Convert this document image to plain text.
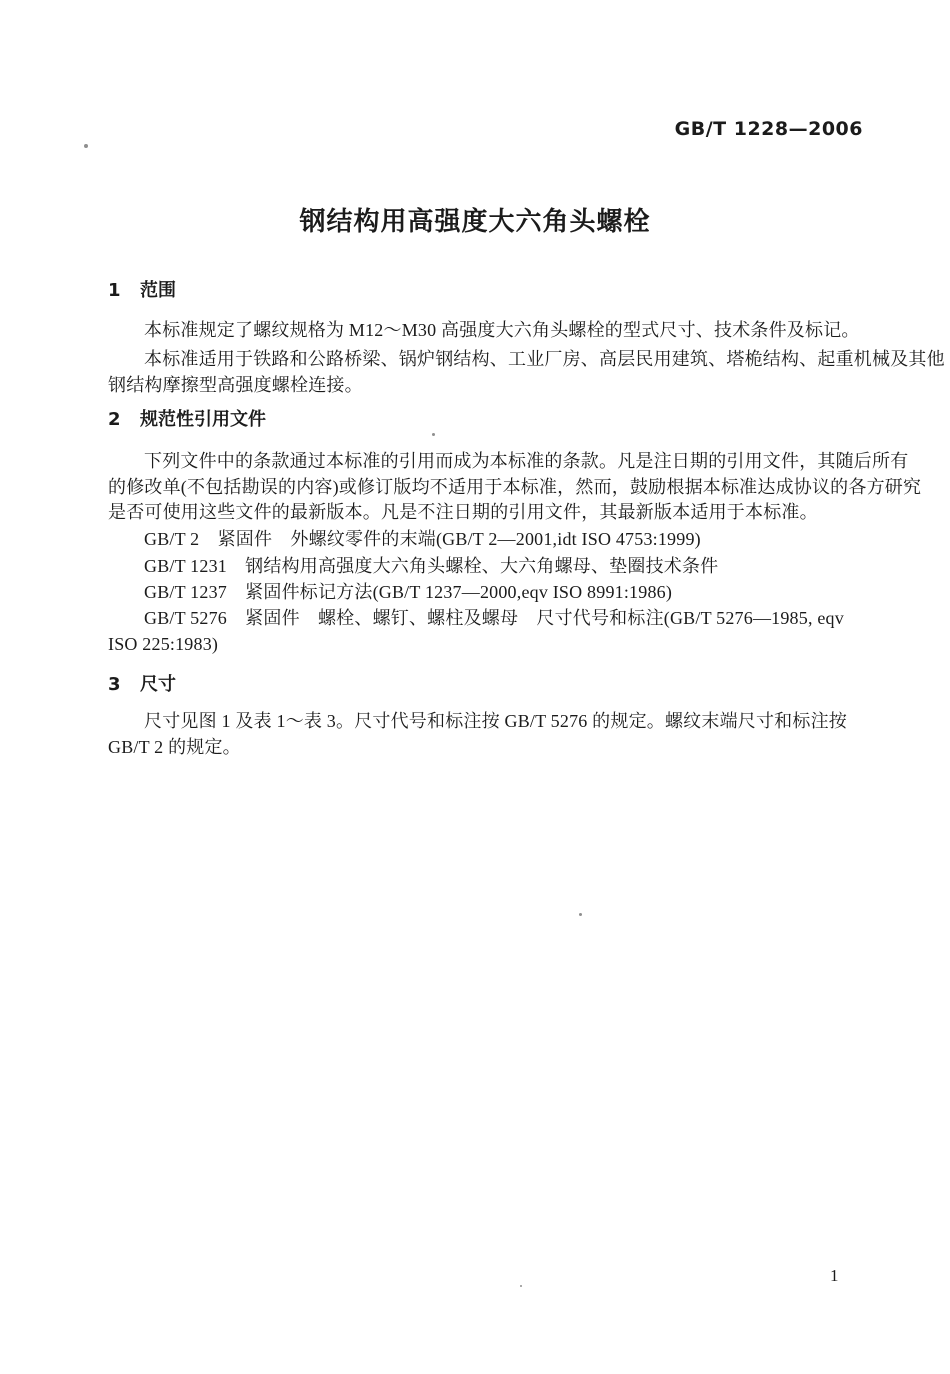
GB/T 1228—2006
钢结构用高强度大六角头螺栓
1 范围
本标准规定了螺纹规格为 M12～M30 高强度大六角头螺栓的型式尺寸、技术条件及标记。
本标准适用于铁路和公路桥梁、锅炉钢结构、工业厂房、高层民用建筑、塔桅结构、起重机械及其他
钢结构摩擦型高强度螺栓连接。
2 规范性引用文件
下列文件中的条款通过本标准的引用而成为本标准的条款。凡是注日期的引用文件，其随后所有
的修改单(不包括勘误的内容)或修订版均不适用于本标准，然而，鼓励根据本标准达成协议的各方研究
是否可使用这些文件的最新版本。凡是不注日期的引用文件，其最新版本适用于本标准。
GB/T 2　紧固件　外螺纹零件的末端(GB/T 2—2001,idt ISO 4753:1999)
GB/T 1231　钢结构用高强度大六角头螺栓、大六角螺母、垫圈技术条件
GB/T 1237　紧固件标记方法(GB/T 1237—2000,eqv ISO 8991:1986)
GB/T 5276　紧固件　螺栓、螺钉、螺柱及螺母　尺寸代号和标注(GB/T 5276—1985, eqv
ISO 225:1983)
3 尺寸
尺寸见图 1 及表 1～表 3。尺寸代号和标注按 GB/T 5276 的规定。螺纹末端尺寸和标注按
GB/T 2 的规定。
1
